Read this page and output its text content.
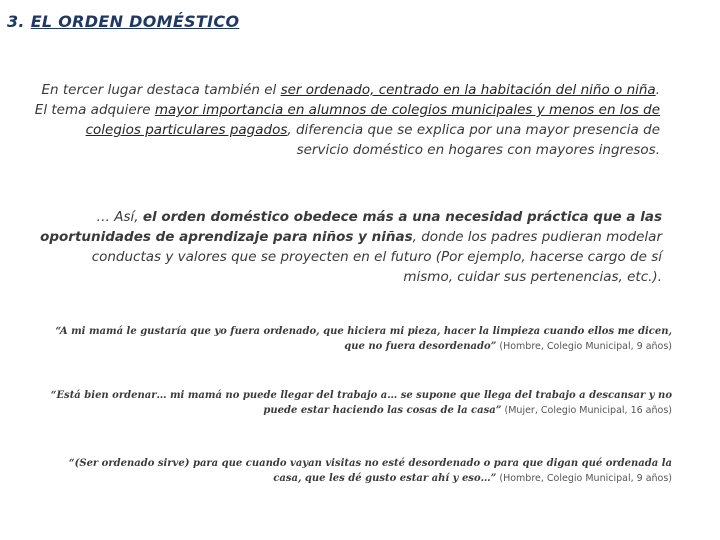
3. EL ORDEN DOMÉSTICO
En tercer lugar destaca también el ser ordenado, centrado en la habitación del niño o niña.
El tema adquiere mayor importancia en alumnos de colegios municipales y menos en los de colegios particulares pagados, diferencia que se explica por una mayor presencia de servicio doméstico en hogares con mayores ingresos.
… Así, el orden doméstico obedece más a una necesidad práctica que a las oportunidades de aprendizaje para niños y niñas, donde los padres pudieran modelar conductas y valores que se proyecten en el futuro (Por ejemplo, hacerse cargo de sí mismo, cuidar sus pertenencias, etc.).
“A mi mamá le gustaría que yo fuera ordenado, que hiciera mi pieza, hacer la limpieza cuando ellos me dicen, que no fuera desordenado” (Hombre, Colegio Municipal, 9 años)
“Está bien ordenar… mi mamá no puede llegar del trabajo a… se supone que llega del trabajo a descansar y no puede estar haciendo las cosas de la casa” (Mujer, Colegio Municipal, 16 años)
“(Ser ordenado sirve) para que cuando vayan visitas no esté desordenado o para que digan qué ordenada la casa, que les dé gusto estar ahí y eso…” (Hombre, Colegio Municipal, 9 años)
